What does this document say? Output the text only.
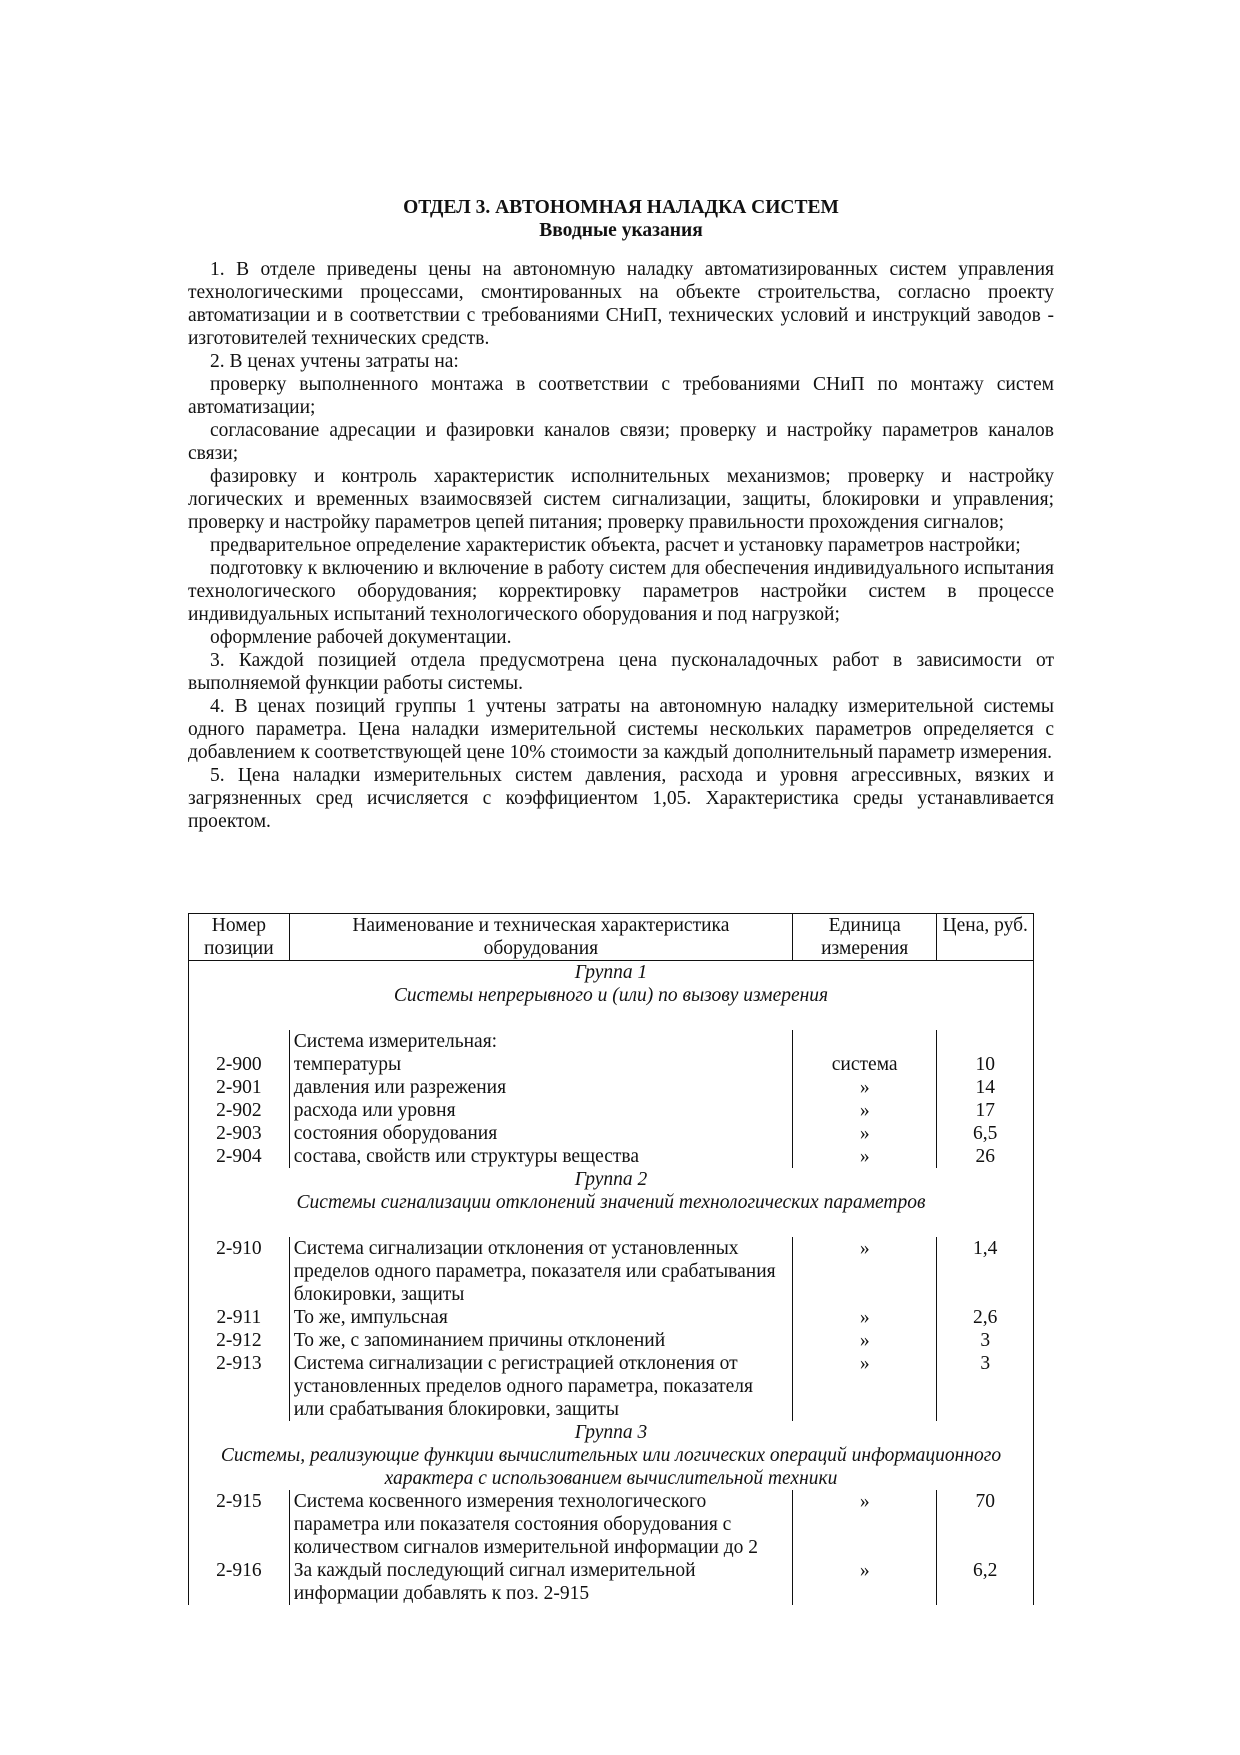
ОТДЕЛ 3. АВТОНОМНАЯ НАЛАДКА СИСТЕМ
Вводные указания

1. В отделе приведены цены на автономную наладку автоматизированных систем управления технологическими процессами, смонтированных на объекте строительства, согласно проекту автоматизации и в соответствии с требованиями СНиП, технических условий и инструкций заводов - изготовителей технических средств.

2. В ценах учтены затраты на:

проверку выполненного монтажа в соответствии с требованиями СНиП по монтажу систем автоматизации;

согласование адресации и фазировки каналов связи; проверку и настройку параметров каналов связи;

фазировку и контроль характеристик исполнительных механизмов; проверку и настройку логических и временных взаимосвязей систем сигнализации, защиты, блокировки и управления; проверку и настройку параметров цепей питания; проверку правильности прохождения сигналов;

предварительное определение характеристик объекта, расчет и установку параметров настройки;

подготовку к включению и включение в работу систем для обеспечения индивидуального испытания технологического оборудования; корректировку параметров настройки систем в процессе индивидуальных испытаний технологического оборудования и под нагрузкой;

оформление рабочей документации.

3. Каждой позицией отдела предусмотрена цена пусконаладочных работ в зависимости от выполняемой функции работы системы.

4. В ценах позиций группы 1 учтены затраты на автономную наладку измерительной системы одного параметра. Цена наладки измерительной системы нескольких параметров определяется с добавлением к соответствующей цене 10% стоимости за каждый дополнительный параметр измерения.

5. Цена наладки измерительных систем давления, расхода и уровня агрессивных, вязких и загрязненных сред исчисляется с коэффициентом 1,05. Характеристика среды устанавливается проектом.

Номер позиции	Наименование и техническая характеристика оборудования	Единица измерения	Цена, руб.
Группа 1			
Системы непрерывного и (или) по вызову измерения			

	Система измерительная:		
2-900	температуры	система	10
2-901	давления или разрежения	»	14
2-902	расхода или уровня	»	17
2-903	состояния оборудования	»	6,5
2-904	состава, свойств или структуры вещества	»	26
Группа 2			
Системы сигнализации отклонений значений технологических параметров			

2-910	Система сигнализации отклонения от установленных пределов одного параметра, показателя или срабатывания блокировки, защиты	»	1,4
2-911	То же, импульсная	»	2,6
2-912	То же, с запоминанием причины отклонений	»	3
2-913	Система сигнализации с регистрацией отклонения от установленных пределов одного параметра, показателя или срабатывания блокировки, защиты	»	3
Группа 3			
Системы, реализующие функции вычислительных или логических операций информационного характера с использованием вычислительной техники			
2-915	Система косвенного измерения технологического параметра или показателя состояния оборудования с количеством сигналов измерительной информации до 2	»	70
2-916	За каждый последующий сигнал измерительной информации добавлять к поз. 2-915	»	6,2
